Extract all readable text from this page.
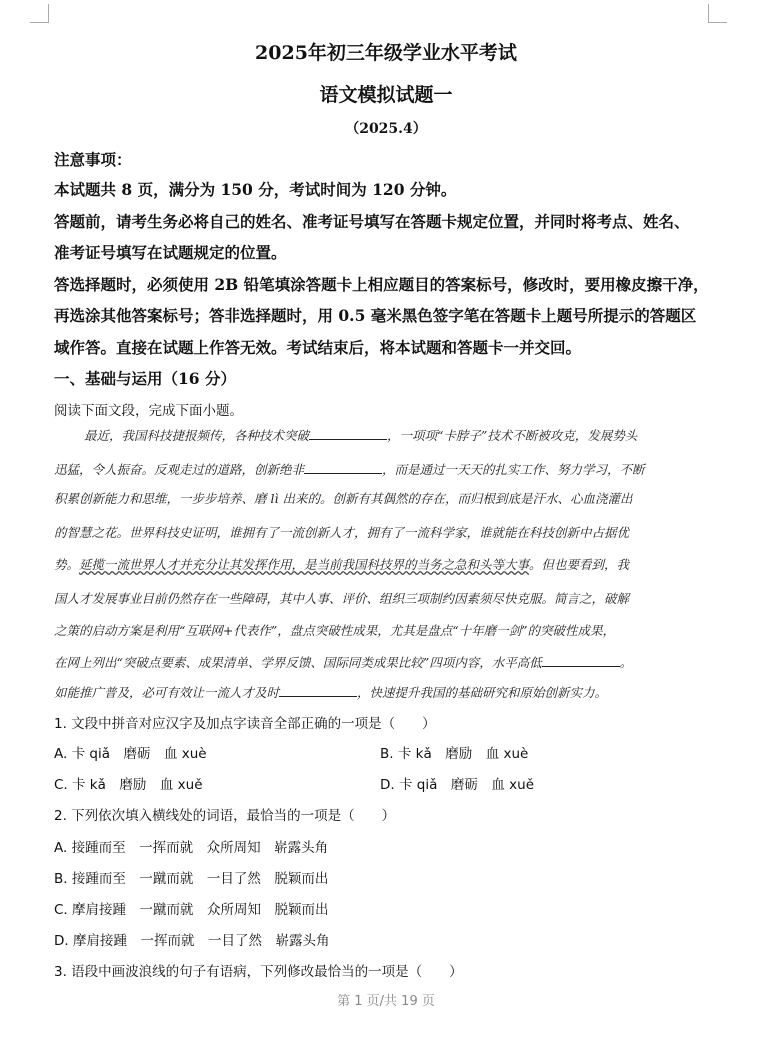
2025年初三年级学业水平考试
语文模拟试题一
（2025.4）
注意事项：
本试题共 8 页，满分为 150 分，考试时间为 120 分钟。
答题前，请考生务必将自己的姓名、准考证号填写在答题卡规定位置，并同时将考点、姓名、
准考证号填写在试题规定的位置。
答选择题时，必须使用 2B 铅笔填涂答题卡上相应题目的答案标号，修改时，要用橡皮擦干净，
再选涂其他答案标号；答非选择题时，用 0.5 毫米黑色签字笔在答题卡上题号所提示的答题区
域作答。直接在试题上作答无效。考试结束后，将本试题和答题卡一并交回。
一、基础与运用（16 分）
阅读下面文段，完成下面小题。
最近，我国科技捷报频传，各种技术突破	，一项项“卡脖子”技术不断被攻克，发展势头
迅猛，令人振奋。反观走过的道路，创新绝非	，而是通过一天天的扎实工作、努力学习，不断
积累创新能力和思维，一步步培养、磨 lì 出来的。创新有其偶然的存在，而归根到底是汗水、心血浇灌出
的智慧之花。世界科技史证明，谁拥有了一流创新人才，拥有了一流科学家，谁就能在科技创新中占据优
势。延揽一流世界人才并充分让其发挥作用，是当前我国科技界的当务之急和头等大事。但也要看到，我
国人才发展事业目前仍然存在一些障碍，其中人事、评价、组织三项制约因素须尽快克服。简言之，破解
之策的启动方案是利用“互联网+代表作”，盘点突破性成果，尤其是盘点“十年磨一剑”的突破性成果，
在网上列出“突破点要素、成果清单、学界反馈、国际同类成果比较”四项内容，水平高低	。
如能推广普及，必可有效让一流人才及时	，快速提升我国的基础研究和原始创新实力。
1. 文段中拼音对应汉字及加点字读音全部正确的一项是（　　）
A. 卡 qiǎ　磨砺　血 xuè	B. 卡 kǎ　磨励　血 xuè
C. 卡 kǎ　磨励　血 xuě	D. 卡 qiǎ　磨砺　血 xuě
2. 下列依次填入横线处的词语，最恰当的一项是（　　）
A. 接踵而至　一挥而就　众所周知　崭露头角
B. 接踵而至　一蹴而就　一目了然　脱颖而出
C. 摩肩接踵　一蹴而就　众所周知　脱颖而出
D. 摩肩接踵　一挥而就　一目了然　崭露头角
3. 语段中画波浪线的句子有语病，下列修改最恰当的一项是（　　）
第 1 页/共 19 页
